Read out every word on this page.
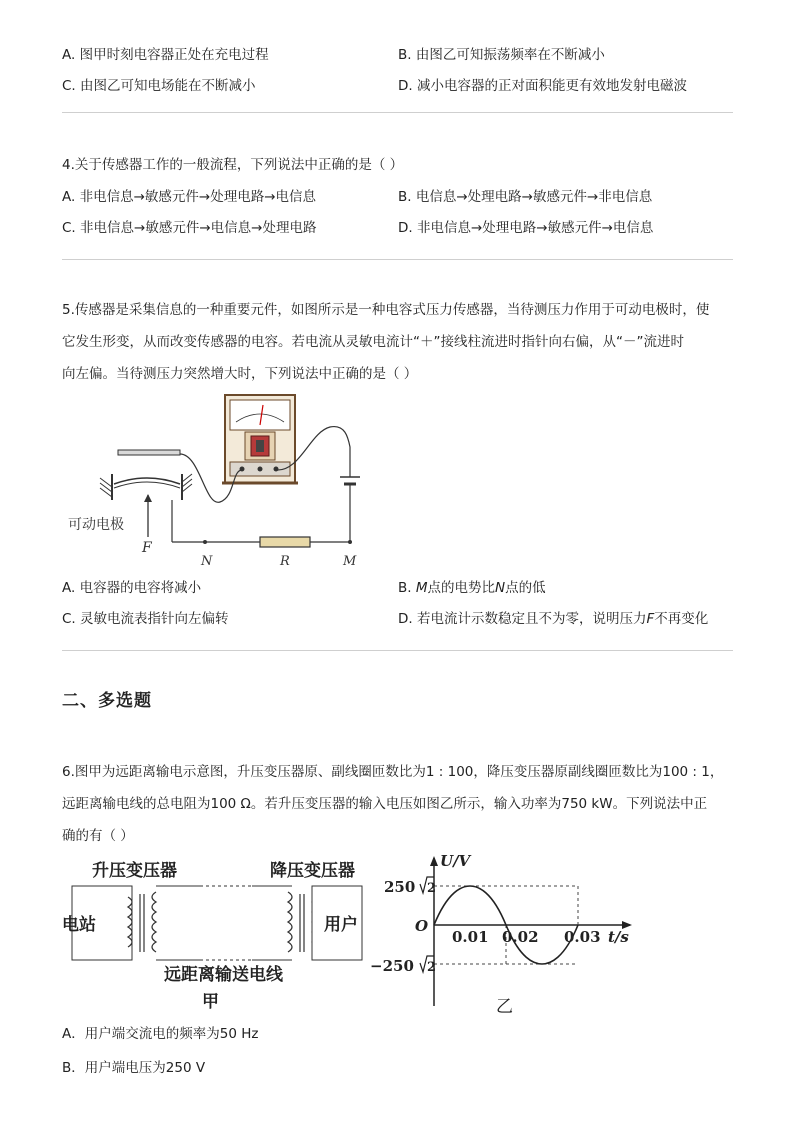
A. 图甲时刻电容器正处在充电过程	B. 由图乙可知振荡频率在不断减小
C. 由图乙可知电场能在不断减小	D. 减小电容器的正对面积能更有效地发射电磁波
4.关于传感器工作的一般流程，下列说法中正确的是（ ）
A. 非电信息→敏感元件→处理电路→电信息	B. 电信息→处理电路→敏感元件→非电信息
C. 非电信息→敏感元件→电信息→处理电路	D. 非电信息→处理电路→敏感元件→电信息
5.传感器是采集信息的一种重要元件，如图所示是一种电容式压力传感器，当待测压力作用于可动电极时，使
它发生形变，从而改变传感器的电容。若电流从灵敏电流计“＋”接线柱流进时指针向右偏，从“－”流进时
向左偏。当待测压力突然增大时，下列说法中正确的是（ ）
可动电极
F
N	R	M
A. 电容器的电容将减小	B. M点的电势比N点的低
C. 灵敏电流表指针向左偏转	D. 若电流计示数稳定且不为零，说明压力F不再变化
二、多选题
6.图甲为远距离输电示意图，升压变压器原、副线圈匝数比为1 : 100，降压变压器原副线圈匝数比为100 : 1，
远距离输电线的总电阻为100 Ω。若升压变压器的输入电压如图乙所示，输入功率为750 kW。下列说法中正
确的有（ ）
升压变压器	降压变压器
电站	用户
远距离输送电线
甲
U/V
250 2
O
0.01 0.02 0.03 t/s
−250 2
乙
A．用户端交流电的频率为50 Hz
B．用户端电压为250 V
